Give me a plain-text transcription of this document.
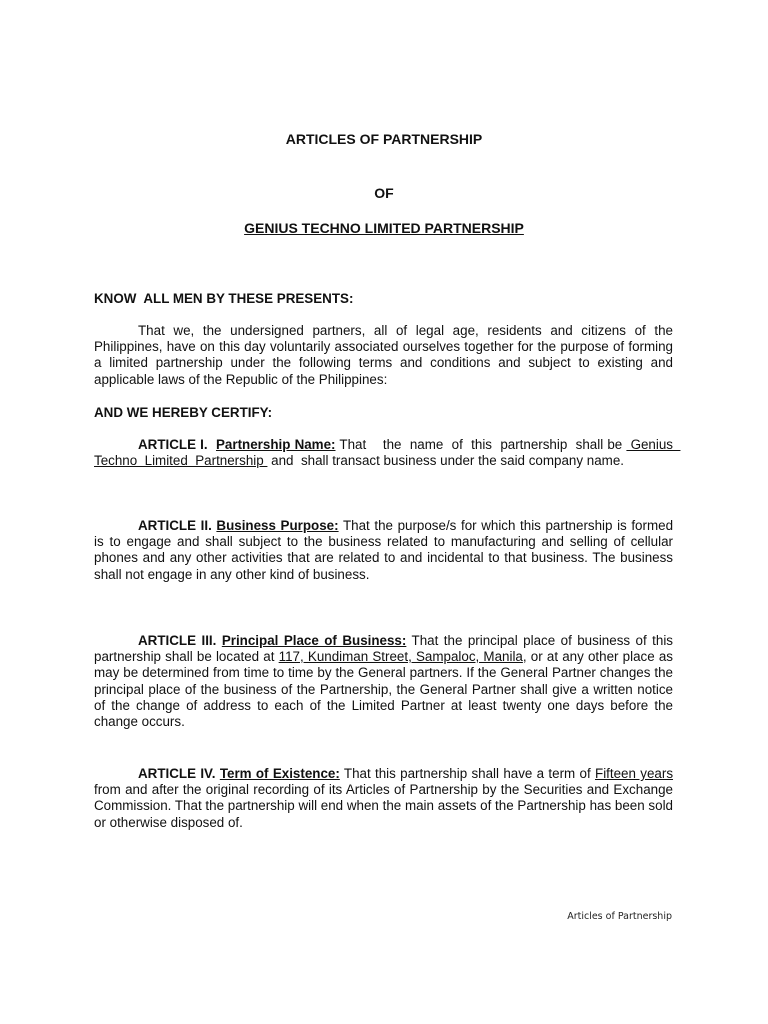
ARTICLES OF PARTNERSHIP
OF
GENIUS TECHNO LIMITED PARTNERSHIP
KNOW  ALL MEN BY THESE PRESENTS:
That we, the undersigned partners, all of legal age, residents and citizens of the Philippines, have on this day voluntarily associated ourselves together for the purpose of forming a limited partnership under the following terms and conditions and subject to existing and applicable laws of the Republic of the Philippines:
AND WE HEREBY CERTIFY:
ARTICLE I. Partnership Name: That    the  name  of  this  partnership  shall be  Genius  Techno  Limited  Partnership  and  shall transact business under the said company name.
ARTICLE II. Business Purpose: That the purpose/s for which this partnership is formed is to engage and shall subject to the business related to manufacturing and selling of cellular phones and any other activities that are related to and incidental to that business. The business shall not engage in any other kind of business.
ARTICLE III. Principal Place of Business: That the principal place of business of this partnership shall be located at 117, Kundiman Street, Sampaloc, Manila, or at any other place as may be determined from time to time by the General partners. If the General Partner changes the principal place of the business of the Partnership, the General Partner shall give a written notice of the change of address to each of the Limited Partner at least twenty one days before the change occurs.
ARTICLE IV. Term of Existence: That this partnership shall have a term of Fifteen years from and after the original recording of its Articles of Partnership by the Securities and Exchange Commission. That the partnership will end when the main assets of the Partnership has been sold or otherwise disposed of.
Articles of Partnership
